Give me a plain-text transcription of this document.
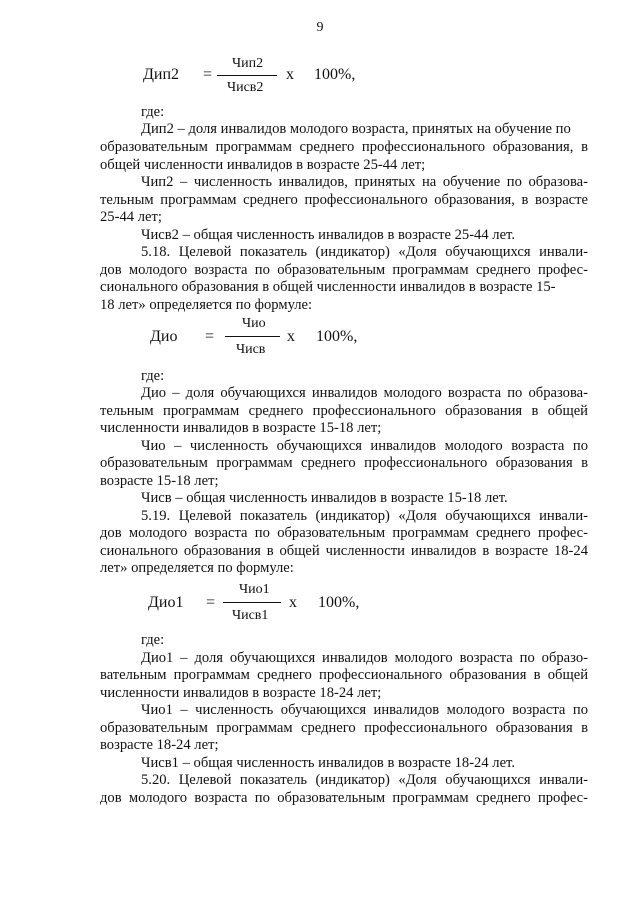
9
Дип2 =
Чип2
Чисв2
x 100%,
где:
Дип2 – доля инвалидов молодого возраста, принятых на обучение по
образовательным программам среднего профессионального образования, в
общей численности инвалидов в возрасте 25-44 лет;
Чип2 – численность инвалидов, принятых на обучение по образова-
тельным программам среднего профессионального образования, в возрасте
25-44 лет;
Чисв2 – общая численность инвалидов в возрасте 25-44 лет.
5.18. Целевой показатель (индикатор) «Доля обучающихся инвали-
дов молодого возраста по образовательным программам среднего профес-
сионального образования в общей численности инвалидов в возрасте 15-
18 лет» определяется по формуле:
Дио =
Чио
Чисв
x 100%,
где:
Дио – доля обучающихся инвалидов молодого возраста по образова-
тельным программам среднего профессионального образования в общей
численности инвалидов в возрасте 15-18 лет;
Чио – численность обучающихся инвалидов молодого возраста по
образовательным программам среднего профессионального образования в
возрасте 15-18 лет;
Чисв – общая численность инвалидов в возрасте 15-18 лет.
5.19. Целевой показатель (индикатор) «Доля обучающихся инвали-
дов молодого возраста по образовательным программам среднего профес-
сионального образования в общей численности инвалидов в возрасте 18-24
лет» определяется по формуле:
Дио1 =
Чио1
Чисв1
x 100%,
где:
Дио1 – доля обучающихся инвалидов молодого возраста по образо-
вательным программам среднего профессионального образования в общей
численности инвалидов в возрасте 18-24 лет;
Чио1 – численность обучающихся инвалидов молодого возраста по
образовательным программам среднего профессионального образования в
возрасте 18-24 лет;
Чисв1 – общая численность инвалидов в возрасте 18-24 лет.
5.20. Целевой показатель (индикатор) «Доля обучающихся инвали-
дов молодого возраста по образовательным программам среднего профес-
